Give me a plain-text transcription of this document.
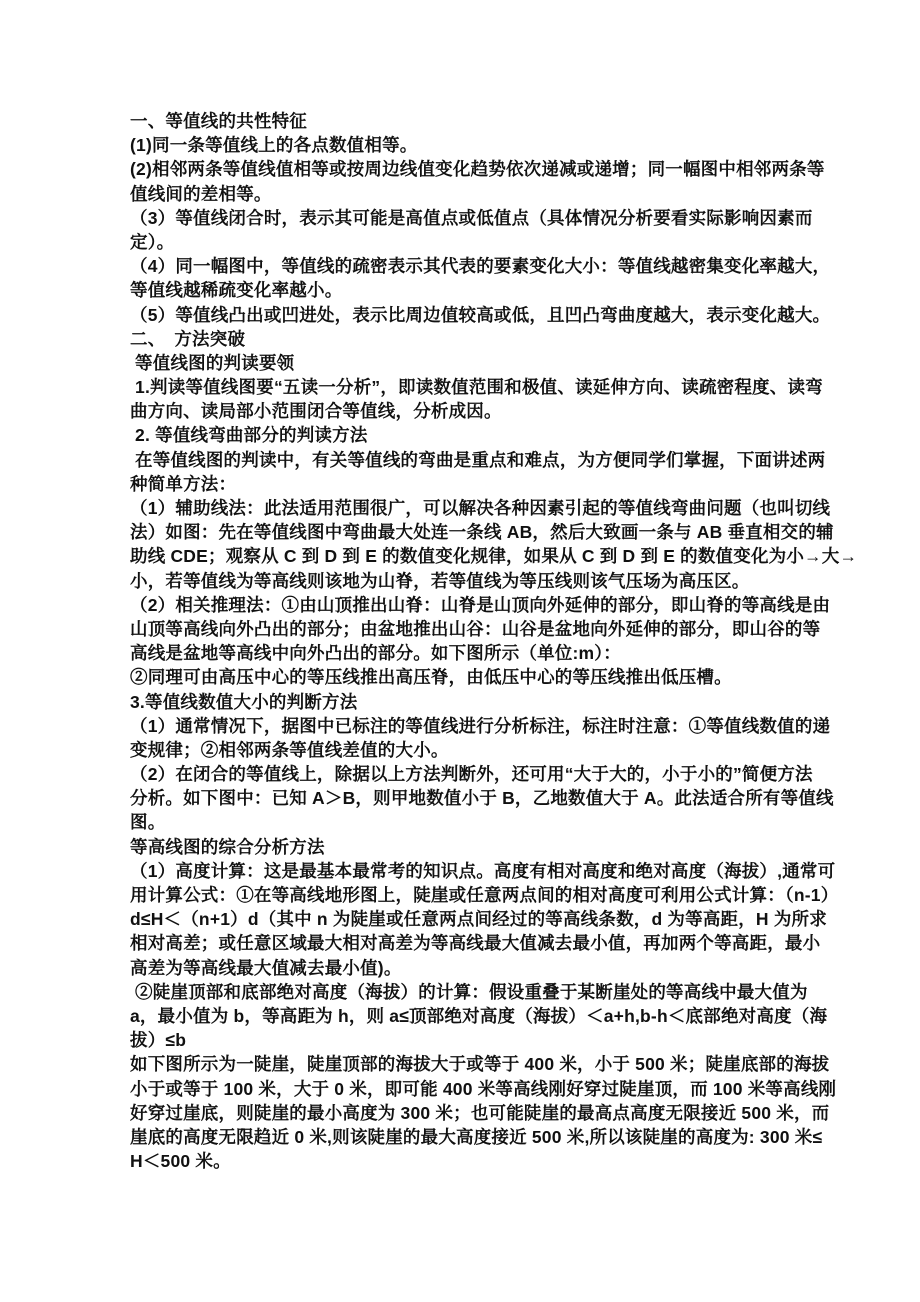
一、等值线的共性特征
(1)同一条等值线上的各点数值相等。
(2)相邻两条等值线值相等或按周边线值变化趋势依次递减或递增；同一幅图中相邻两条等
值线间的差相等。
（3）等值线闭合时，表示其可能是高值点或低值点（具体情况分析要看实际影响因素而
定）。
（4）同一幅图中，等值线的疏密表示其代表的要素变化大小：等值线越密集变化率越大，
等值线越稀疏变化率越小。
（5）等值线凸出或凹进处，表示比周边值较高或低，且凹凸弯曲度越大，表示变化越大。
二、　方法突破
等值线图的判读要领
1.判读等值线图要“五读一分析”，即读数值范围和极值、读延伸方向、读疏密程度、读弯
曲方向、读局部小范围闭合等值线，分析成因。
2. 等值线弯曲部分的判读方法
在等值线图的判读中，有关等值线的弯曲是重点和难点，为方便同学们掌握，下面讲述两
种简单方法：
（1）辅助线法：此法适用范围很广，可以解决各种因素引起的等值线弯曲问题（也叫切线
法）如图：先在等值线图中弯曲最大处连一条线 AB，然后大致画一条与 AB 垂直相交的辅
助线 CDE；观察从 C 到 D 到 E 的数值变化规律，如果从 C 到 D 到 E 的数值变化为小→大→
小，若等值线为等高线则该地为山脊，若等值线为等压线则该气压场为高压区。
（2）相关推理法：①由山顶推出山脊：山脊是山顶向外延伸的部分，即山脊的等高线是由
山顶等高线向外凸出的部分；由盆地推出山谷：山谷是盆地向外延伸的部分，即山谷的等
高线是盆地等高线中向外凸出的部分。如下图所示（单位:m）：
②同理可由高压中心的等压线推出高压脊，由低压中心的等压线推出低压槽。
3.等值线数值大小的判断方法
（1）通常情况下，据图中已标注的等值线进行分析标注，标注时注意：①等值线数值的递
变规律；②相邻两条等值线差值的大小。
（2）在闭合的等值线上，除据以上方法判断外，还可用“大于大的，小于小的”简便方法
分析。如下图中：已知 A＞B，则甲地数值小于 B，乙地数值大于 A。此法适合所有等值线
图。
等高线图的综合分析方法
（1）高度计算：这是最基本最常考的知识点。高度有相对高度和绝对高度（海拔）,通常可
用计算公式：①在等高线地形图上，陡崖或任意两点间的相对高度可利用公式计算：（n-1）
d≤H＜（n+1）d（其中 n 为陡崖或任意两点间经过的等高线条数，d 为等高距，H 为所求
相对高差；或任意区域最大相对高差为等高线最大值减去最小值，再加两个等高距，最小
高差为等高线最大值减去最小值)。
②陡崖顶部和底部绝对高度（海拔）的计算：假设重叠于某断崖处的等高线中最大值为
a，最小值为 b，等高距为 h，则 a≤顶部绝对高度（海拔）＜a+h,b-h＜底部绝对高度（海
拔）≤b
如下图所示为一陡崖，陡崖顶部的海拔大于或等于 400 米，小于 500 米；陡崖底部的海拔
小于或等于 100 米，大于 0 米，即可能 400 米等高线刚好穿过陡崖顶，而 100 米等高线刚
好穿过崖底，则陡崖的最小高度为 300 米；也可能陡崖的最高点高度无限接近 500 米，而
崖底的高度无限趋近 0 米,则该陡崖的最大高度接近 500 米,所以该陡崖的高度为: 300 米≤
H＜500 米。
